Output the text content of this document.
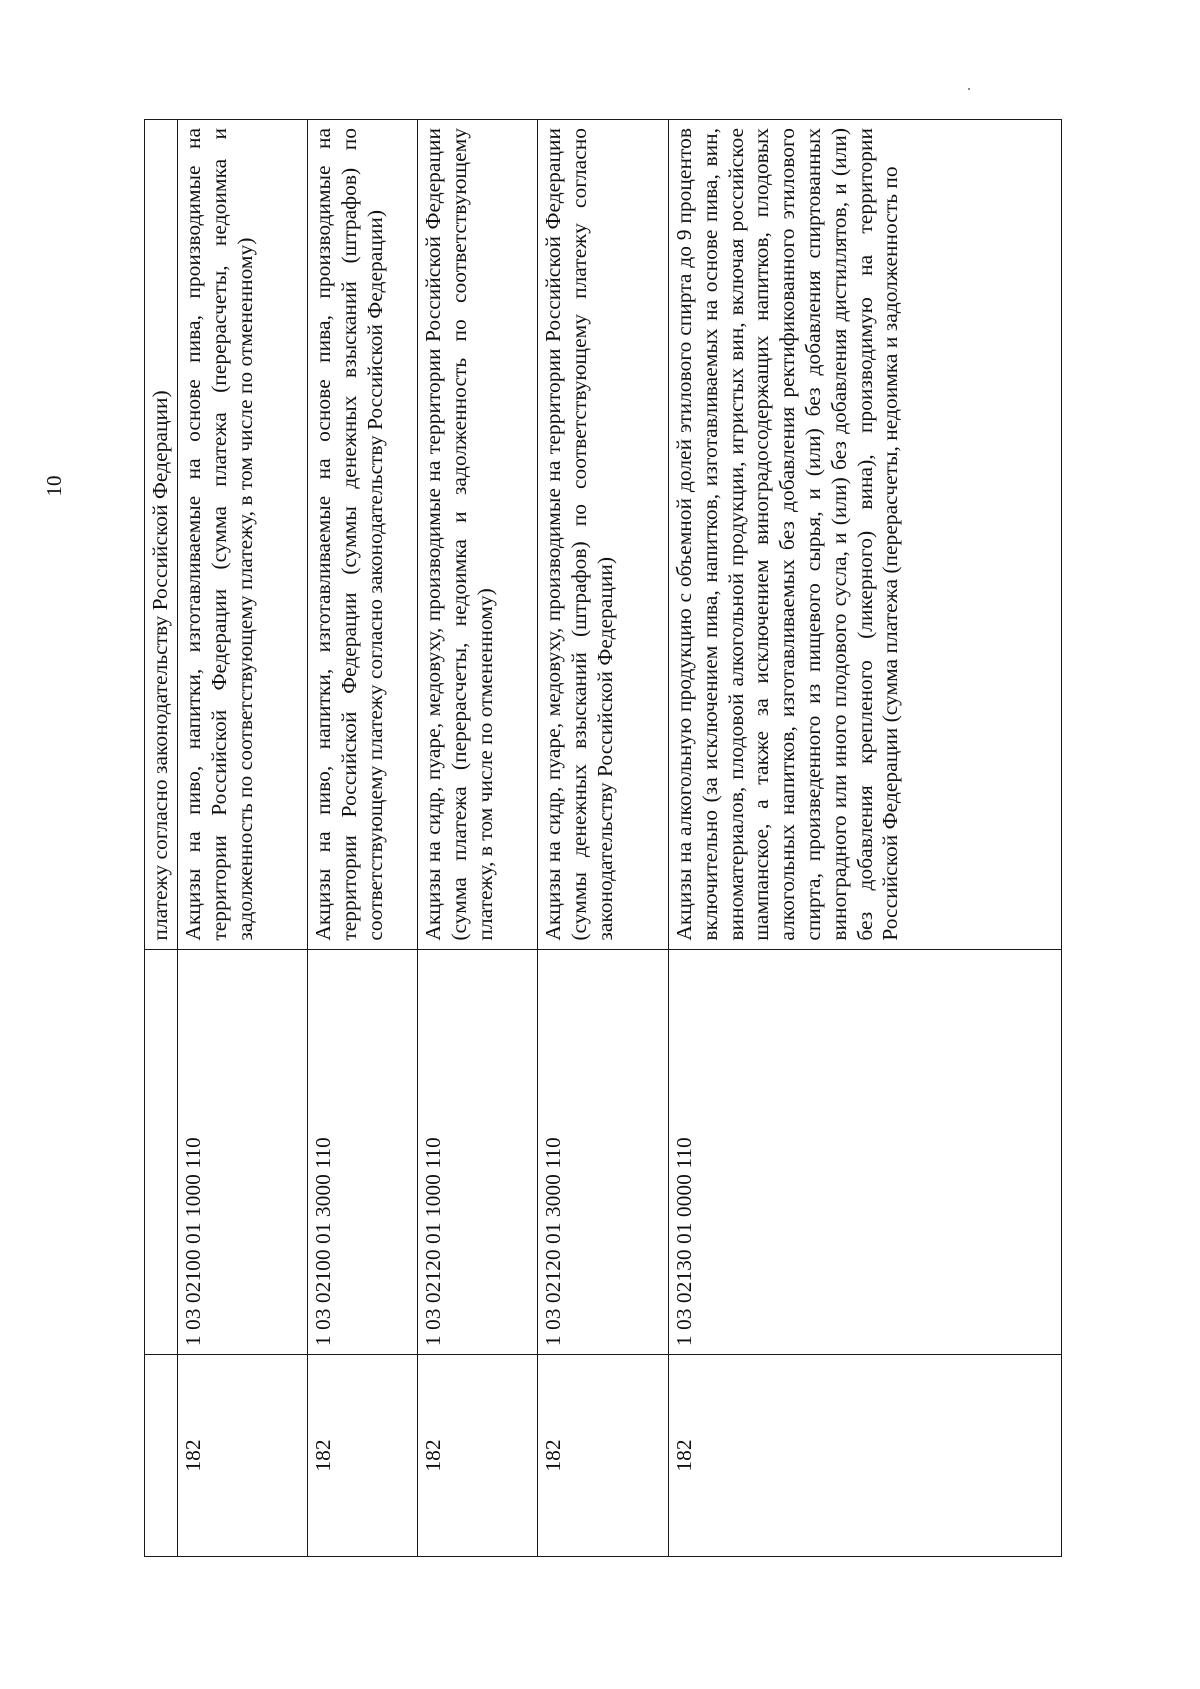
10
			платежу согласно законодательству Российской Федерации)
182	1 03 02100 01 1000 110	Акцизы на пиво, напитки, изготавливаемые на основе пива, производимые на территории Российской Федерации (сумма платежа (перерасчеты, недоимка и задолженность по соответствующему платежу, в том числе по отмененному)
182	1 03 02100 01 3000 110	Акцизы на пиво, напитки, изготавливаемые на основе пива, производимые на территории Российской Федерации (суммы денежных взысканий (штрафов) по соответствующему платежу согласно законодательству Российской Федерации)
182	1 03 02120 01 1000 110	Акцизы на сидр, пуаре, медовуху, производимые на территории Российской Федерации (сумма платежа (перерасчеты, недоимка и задолженность по соответствующему платежу, в том числе по отмененному)
182	1 03 02120 01 3000 110	Акцизы на сидр, пуаре, медовуху, производимые на территории Российской Федерации (суммы денежных взысканий (штрафов) по соответствующему платежу согласно законодательству Российской Федерации)
182	1 03 02130 01 0000 110	Акцизы на алкогольную продукцию с объемной долей этилового спирта до 9 процентов включительно (за исключением пива, напитков, изготавливаемых на основе пива, вин, виноматериалов, плодовой алкогольной продукции, игристых вин, включая российское шампанское, а также за исключением виноградосодержащих напитков, плодовых алкогольных напитков, изготавливаемых без добавления ректификованного этилового спирта, произведенного из пищевого сырья, и (или) без добавления спиртованных виноградного или иного плодового сусла, и (или) без добавления дистиллятов, и (или) без добавления крепленого (ликерного) вина), производимую на территории Российской Федерации (сумма платежа (перерасчеты, недоимка и задолженность по
